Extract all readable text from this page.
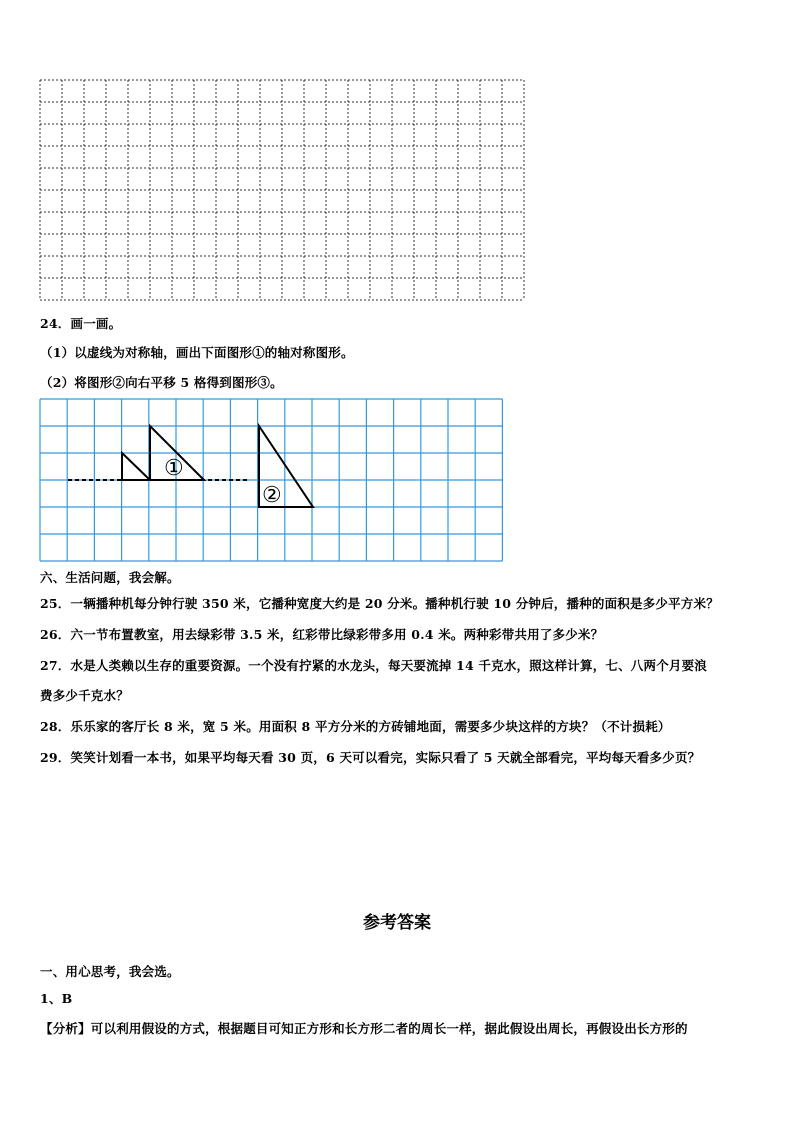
24．画一画。
（1）以虚线为对称轴，画出下面图形①的轴对称图形。
（2）将图形②向右平移 5 格得到图形③。
①
②
六、生活问题，我会解。
25．一辆播种机每分钟行驶 350 米，它播种宽度大约是 20 分米。播种机行驶 10 分钟后，播种的面积是多少平方米？
26．六一节布置教室，用去绿彩带 3.5 米，红彩带比绿彩带多用 0.4 米。两种彩带共用了多少米？
27．水是人类赖以生存的重要资源。一个没有拧紧的水龙头，每天要流掉 14 千克水，照这样计算，七、八两个月要浪
费多少千克水？
28．乐乐家的客厅长 8 米，宽 5 米。用面积 8 平方分米的方砖铺地面，需要多少块这样的方块？（不计损耗）
29．笑笑计划看一本书，如果平均每天看 30 页，6 天可以看完，实际只看了 5 天就全部看完，平均每天看多少页？
参考答案
一、用心思考，我会选。
1、B
【分析】可以利用假设的方式，根据题目可知正方形和长方形二者的周长一样，据此假设出周长，再假设出长方形的
